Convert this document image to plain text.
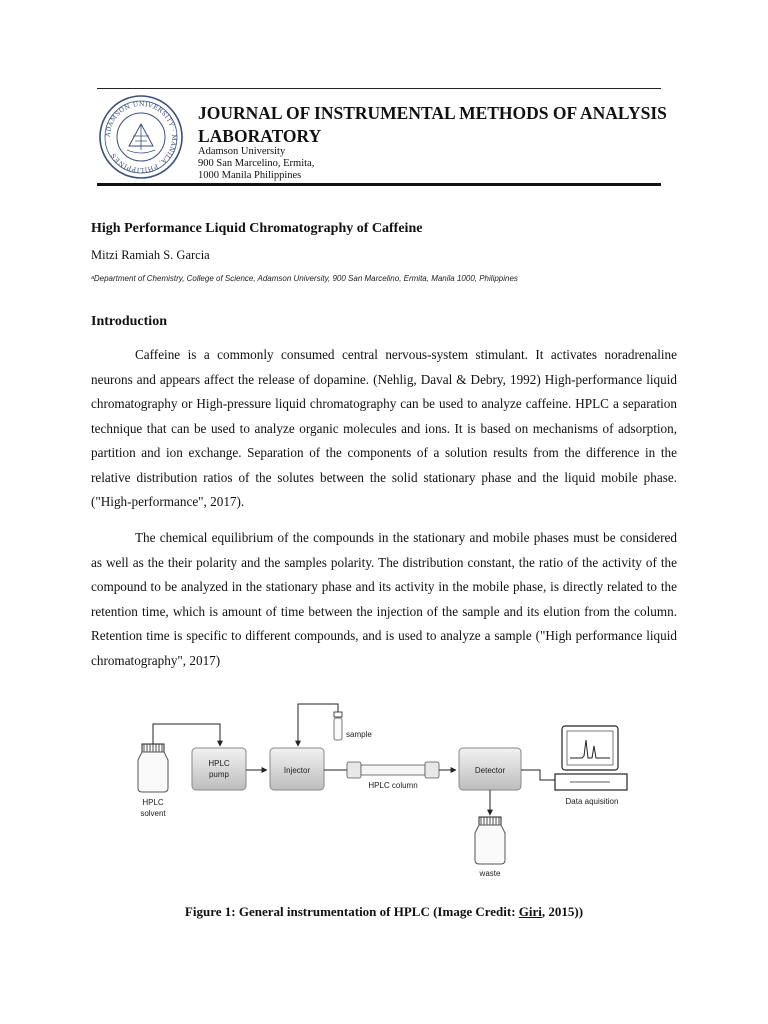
ADAMSON UNIVERSITY · MANILA, PHILIPPINES
JOURNAL OF INSTRUMENTAL METHODS OF ANALYSIS LABORATORY
Adamson University
900 San Marcelino, Ermita,
1000 Manila Philippines
High Performance Liquid Chromatography of Caffeine
Mitzi Ramiah S. Garcia
ᵃDepartment of Chemistry, College of Science, Adamson University, 900 San Marcelino, Ermita, Manila 1000, Philippines
Introduction

Caffeine is a commonly consumed central nervous-system stimulant. It activates noradrenaline neurons and appears affect the release of dopamine. (Nehlig, Daval & Debry, 1992) High-performance liquid chromatography or High-pressure liquid chromatography can be used to analyze caffeine. HPLC a separation technique that can be used to analyze organic molecules and ions. It is based on mechanisms of adsorption, partition and ion exchange. Separation of the components of a solution results from the difference in the relative distribution ratios of the solutes between the solid stationary phase and the liquid mobile phase. ("High-performance", 2017).

The chemical equilibrium of the compounds in the stationary and mobile phases must be considered as well as the their polarity and the samples polarity. The distribution constant, the ratio of the activity of the compound to be analyzed in the stationary phase and its activity in the mobile phase, is directly related to the retention time, which is amount of time between the injection of the sample and its elution from the column. Retention time is specific to different compounds, and is used to analyze a sample ("High performance liquid chromatography", 2017)

HPLC
solvent
HPLC
pump	Injector
sample
HPLC column
Detector
Data aquisition
waste
Figure 1: General instrumentation of HPLC (Image Credit: Giri, 2015))
